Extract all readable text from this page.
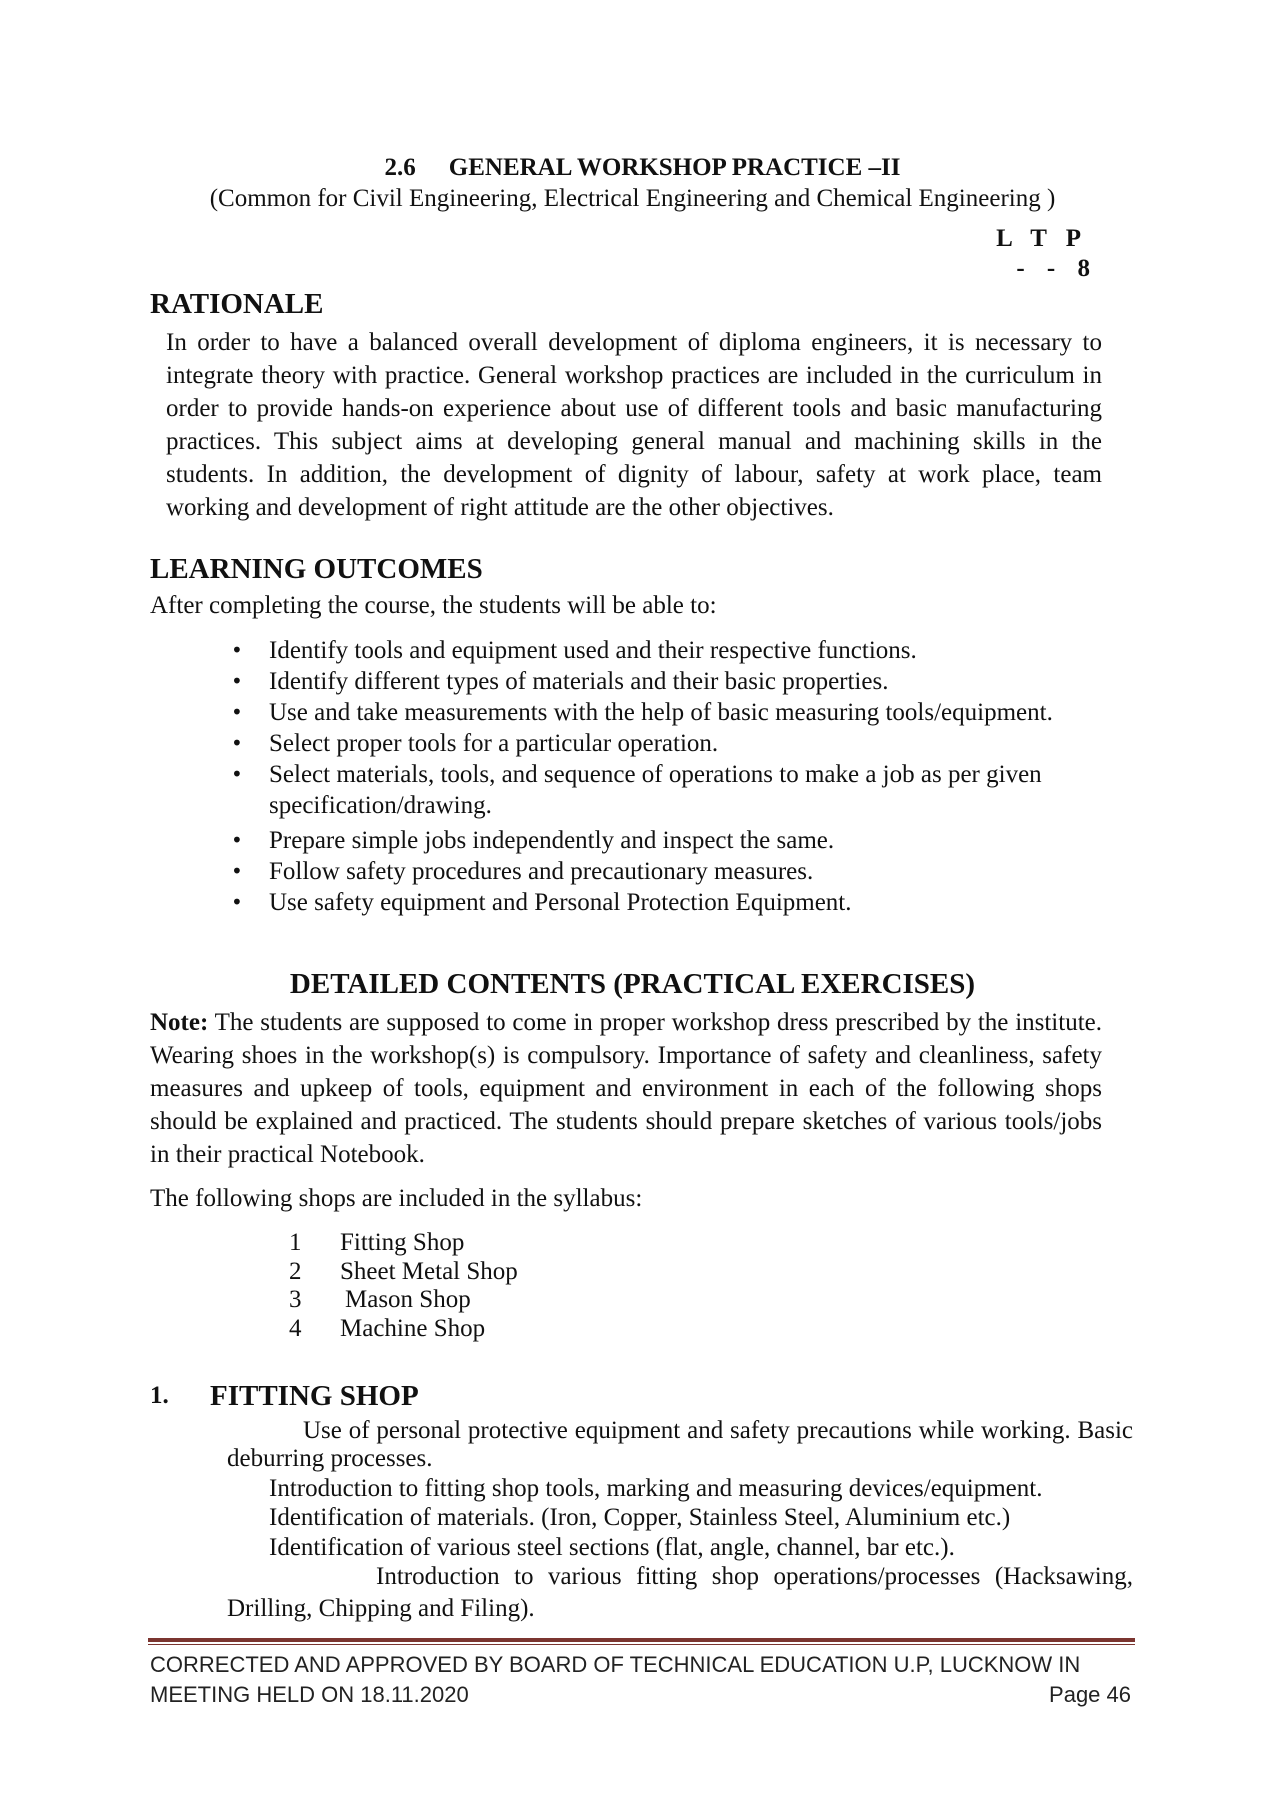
2.6 GENERAL WORKSHOP PRACTICE –II
(Common for Civil Engineering, Electrical Engineering and Chemical Engineering )
L T P
- - 8
RATIONALE
In order to have a balanced overall development of diploma engineers, it is necessary to
integrate theory with practice. General workshop practices are included in the curriculum in
order to provide hands-on experience about use of different tools and basic manufacturing
practices. This subject aims at developing general manual and machining skills in the
students. In addition, the development of dignity of labour, safety at work place, team
working and development of right attitude are the other objectives.
LEARNING OUTCOMES
After completing the course, the students will be able to:
• Identify tools and equipment used and their respective functions.
• Identify different types of materials and their basic properties.
• Use and take measurements with the help of basic measuring tools/equipment.
• Select proper tools for a particular operation.
• Select materials, tools, and sequence of operations to make a job as per given specification/drawing.
• Prepare simple jobs independently and inspect the same.
• Follow safety procedures and precautionary measures.
• Use safety equipment and Personal Protection Equipment.
DETAILED CONTENTS (PRACTICAL EXERCISES)
Note: The students are supposed to come in proper workshop dress prescribed by the institute.
Wearing shoes in the workshop(s) is compulsory. Importance of safety and cleanliness, safety
measures and upkeep of tools, equipment and environment in each of the following shops
should be explained and practiced. The students should prepare sketches of various tools/jobs
in their practical Notebook.
The following shops are included in the syllabus:
1 Fitting Shop
2 Sheet Metal Shop
3 Mason Shop
4 Machine Shop
1. FITTING SHOP
Use of personal protective equipment and safety precautions while working. Basic
deburring processes.
Introduction to fitting shop tools, marking and measuring devices/equipment.
Identification of materials. (Iron, Copper, Stainless Steel, Aluminium etc.)
Identification of various steel sections (flat, angle, channel, bar etc.).
Introduction to various fitting shop operations/processes (Hacksawing,
Drilling, Chipping and Filing).
CORRECTED AND APPROVED BY BOARD OF TECHNICAL EDUCATION U.P, LUCKNOW IN
MEETING HELD ON 18.11.2020	Page 46
